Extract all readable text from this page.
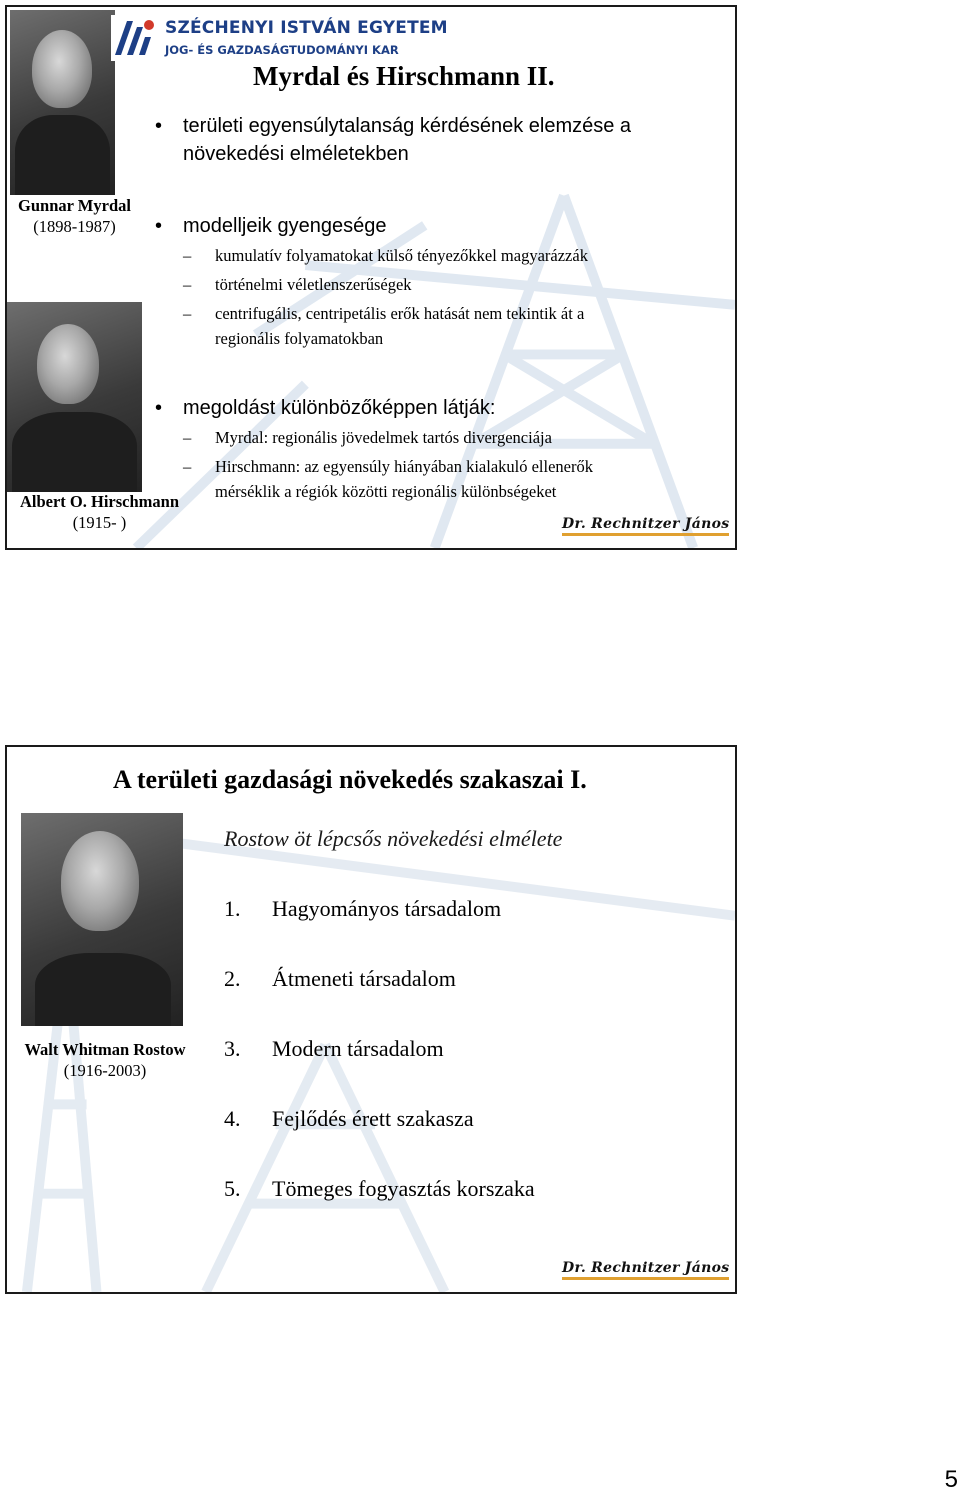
Gunnar Myrdal
(1898-1987)
Albert O. Hirschmann
(1915- )
SZÉCHENYI ISTVÁN EGYETEM
JOG- ÉS GAZDASÁGTUDOMÁNYI KAR
Myrdal és Hirschmann II.
• területi egyensúlytalanság kérdésének elemzése a
növekedési elméletekben
• modelljeik gyengesége
– kumulatív folyamatokat külső tényezőkkel magyarázzák
– történelmi véletlenszerűségek
– centrifugális, centripetális erők hatását nem tekintik át a
regionális folyamatokban
• megoldást különbözőképpen látják:
– Myrdal: regionális jövedelmek tartós divergenciája
– Hirschmann: az egyensúly hiányában kialakuló ellenerők
mérséklik a régiók közötti regionális különbségeket
Dr. Rechnitzer János
A területi gazdasági növekedés szakaszai I.
Walt Whitman Rostow
(1916-2003)
Rostow öt lépcsős növekedési elmélete
1. Hagyományos társadalom
2. Átmeneti társadalom
3. Modern társadalom
4. Fejlődés érett szakasza
5. Tömeges fogyasztás korszaka
Dr. Rechnitzer János
5
